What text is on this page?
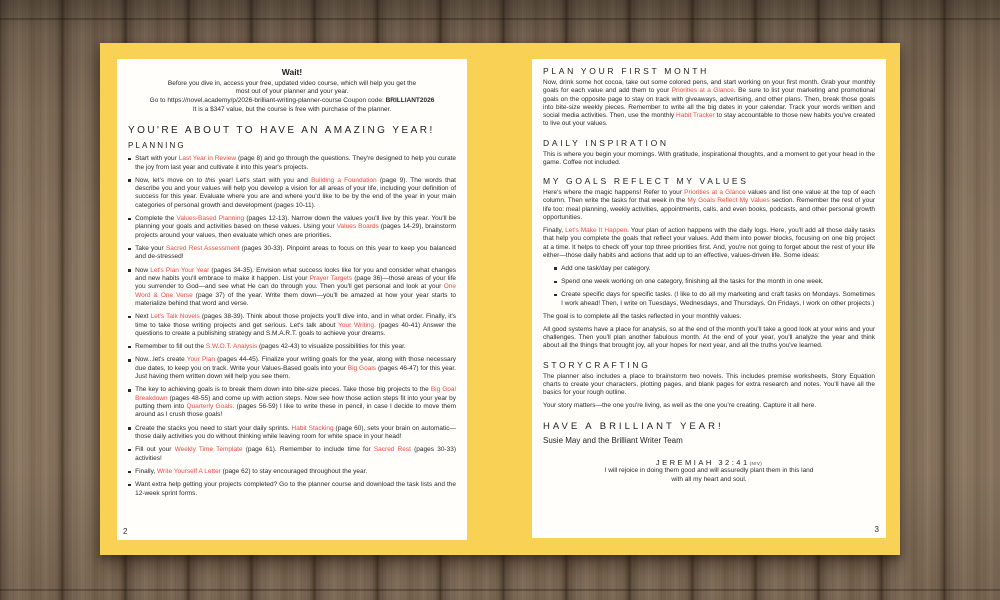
Wait!
Before you dive in, access your free, updated video course, which will help you get the
most out of your planner and your year.
Go to https://novel.academy/p/2026-brilliant-writing-planner-course Coupon code: BRILLIANT2026
It is a $347 value, but the course is free with purchase of the planner.
YOU'RE ABOUT TO HAVE AN AMAZING YEAR!
PLANNING

Start with your Last Year in Review (page 8) and go through the questions. They're designed to help you curate the joy from last year and cultivate it into this year's projects.

Now, let's move on to this year! Let's start with you and Building a Foundation (page 9). The words that describe you and your values will help you develop a vision for all areas of your life, including your definition of success for this year. Evaluate where you are and where you'd like to be by the end of the year in your main categories of personal growth and development (pages 10-11).

Complete the Values-Based Planning (pages 12-13). Narrow down the values you'll live by this year. You'll be planning your goals and activities based on these values. Using your Values Boards (pages 14-29), brainstorm projects around your values, then evaluate which ones are priorities.

Take your Sacred Rest Assessment (pages 30-33). Pinpoint areas to focus on this year to keep you balanced and de-stressed!

Now Let's Plan Your Year (pages 34-35). Envision what success looks like for you and consider what changes and new habits you'll embrace to make it happen. List your Prayer Targets (page 36)—those areas of your life you surrender to God—and see what He can do through you. Then you'll get personal and look at your One Word & One Verse (page 37) of the year. Write them down—you'll be amazed at how your year starts to materialize behind that word and verse.

Next Let's Talk Novels (pages 38-39). Think about those projects you'll dive into, and in what order. Finally, it's time to take those writing projects and get serious. Let's talk about Your Writing. (pages 40-41) Answer the questions to create a publishing strategy and S.M.A.R.T. goals to achieve your dreams.

Remember to fill out the S.W.O.T. Analysis (pages 42-43) to visualize possibilities for this year.

Now...let's create Your Plan (pages 44-45). Finalize your writing goals for the year, along with those necessary due dates, to keep you on track. Write your Values-Based goals into your Big Goals (pages 46-47) for this year. Just having them written down will help you see them.

The key to achieving goals is to break them down into bite-size pieces. Take those big projects to the Big Goal Breakdown (pages 48-55) and come up with action steps. Now see how those action steps fit into your year by putting them into Quarterly Goals. (pages 56-59) I like to write these in pencil, in case I decide to move them around as I crush those goals!

Create the stacks you need to start your daily sprints. Habit Stacking (page 60), sets your brain on automatic—those daily activities you do without thinking while leaving room for white space in your head!

Fill out your Weekly Time Template (page 61). Remember to include time for Sacred Rest (pages 30-33) activities!

Finally, Write Yourself A Letter (page 62) to stay encouraged throughout the year.

Want extra help getting your projects completed? Go to the planner course and download the task lists and the 12-week sprint forms.

2
PLAN YOUR FIRST MONTH

Now, drink some hot cocoa, take out some colored pens, and start working on your first month. Grab your monthly goals for each value and add them to your Priorities at a Glance. Be sure to list your marketing and promotional goals on the opposite page to stay on track with giveaways, advertising, and other plans. Then, break those goals into bite-size weekly pieces. Remember to write all the big dates in your calendar. Track your words written and social media activities. Then, use the monthly Habit Tracker to stay accountable to those new habits you've created to live out your values.

DAILY INSPIRATION

This is where you begin your mornings. With gratitude, inspirational thoughts, and a moment to get your head in the game. Coffee not included.

MY GOALS REFLECT MY VALUES

Here's where the magic happens! Refer to your Priorities at a Glance values and list one value at the top of each column. Then write the tasks for that week in the My Goals Reflect My Values section. Remember the rest of your life too: meal planning, weekly activities, appointments, calls, and even books, podcasts, and other personal growth opportunities.

Finally, Let's Make It Happen. Your plan of action happens with the daily logs. Here, you'll add all those daily tasks that help you complete the goals that reflect your values. Add them into power blocks, focusing on one big project at a time. It helps to check off your top three priorities first. And, you're not going to forget about the rest of your life either—those daily habits and actions that add up to an effective, values-driven life. Some ideas:

Add one task/day per category.

Spend one week working on one category, finishing all the tasks for the month in one week.

Create specific days for specific tasks. (I like to do all my marketing and craft tasks on Mondays. Sometimes I work ahead! Then, I write on Tuesdays, Wednesdays, and Thursdays. On Fridays, I work on other projects.)

The goal is to complete all the tasks reflected in your monthly values.

All good systems have a place for analysis, so at the end of the month you'll take a good look at your wins and your challenges. Then you'll plan another fabulous month. At the end of your year, you'll analyze the year and think about all the things that brought joy, all your hopes for next year, and all the truths you've learned.

STORYCRAFTING

The planner also includes a place to brainstorm two novels. This includes premise worksheets, Story Equation charts to create your characters, plotting pages, and blank pages for extra research and notes. You'll have all the basics for your rough outline.

Your story matters—the one you're living, as well as the one you're creating. Capture it all here.

HAVE A BRILLIANT YEAR!
Susie May and the Brilliant Writer Team
JEREMIAH 32:41(NIV)
I will rejoice in doing them good and will assuredly plant them in this land
with all my heart and soul.
3
